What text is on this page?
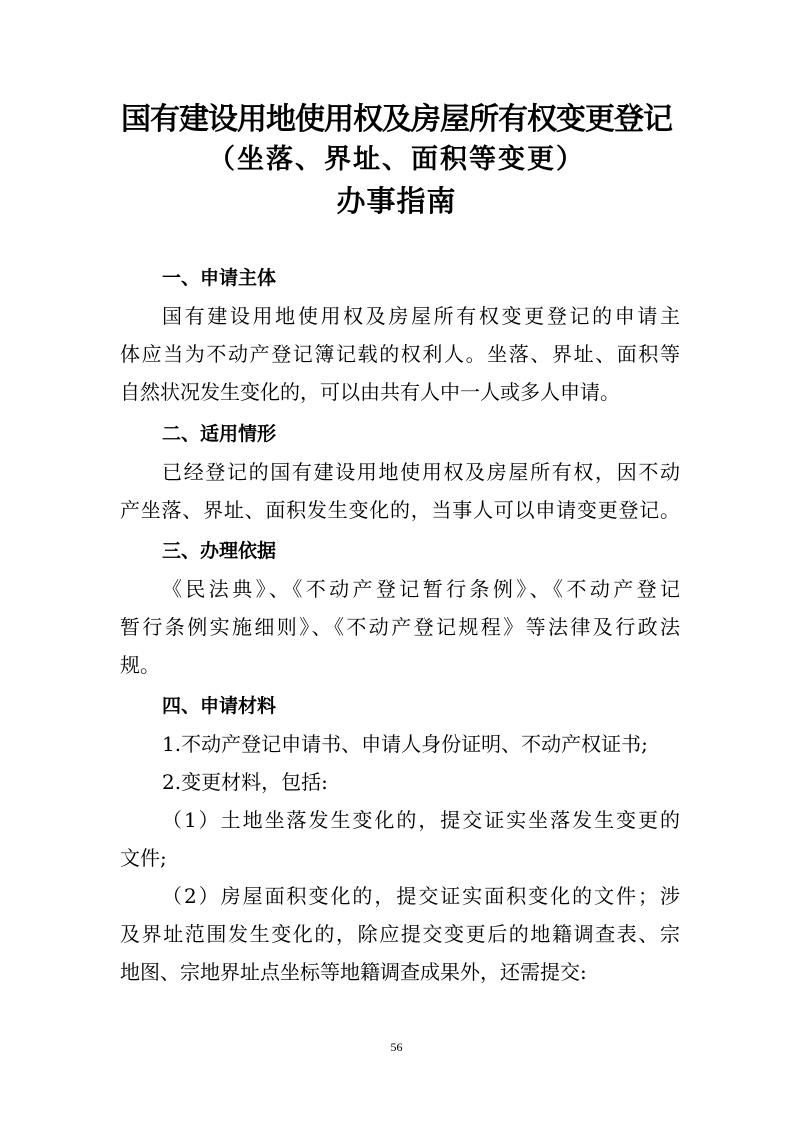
国有建设用地使用权及房屋所有权变更登记
（坐落、界址、面积等变更）
办事指南
一、申请主体
国有建设用地使用权及房屋所有权变更登记的申请主
体应当为不动产登记簿记载的权利人。坐落、界址、面积等
自然状况发生变化的，可以由共有人中一人或多人申请。
二、适用情形
已经登记的国有建设用地使用权及房屋所有权，因不动
产坐落、界址、面积发生变化的，当事人可以申请变更登记。
三、办理依据
《民法典》、《不动产登记暂行条例》、《不动产登记
暂行条例实施细则》、《不动产登记规程》等法律及行政法
规。
四、申请材料
1.不动产登记申请书、申请人身份证明、不动产权证书;
2.变更材料，包括:
（1）土地坐落发生变化的，提交证实坐落发生变更的
文件;
（2）房屋面积变化的，提交证实面积变化的文件；涉
及界址范围发生变化的，除应提交变更后的地籍调查表、宗
地图、宗地界址点坐标等地籍调查成果外，还需提交:
56
